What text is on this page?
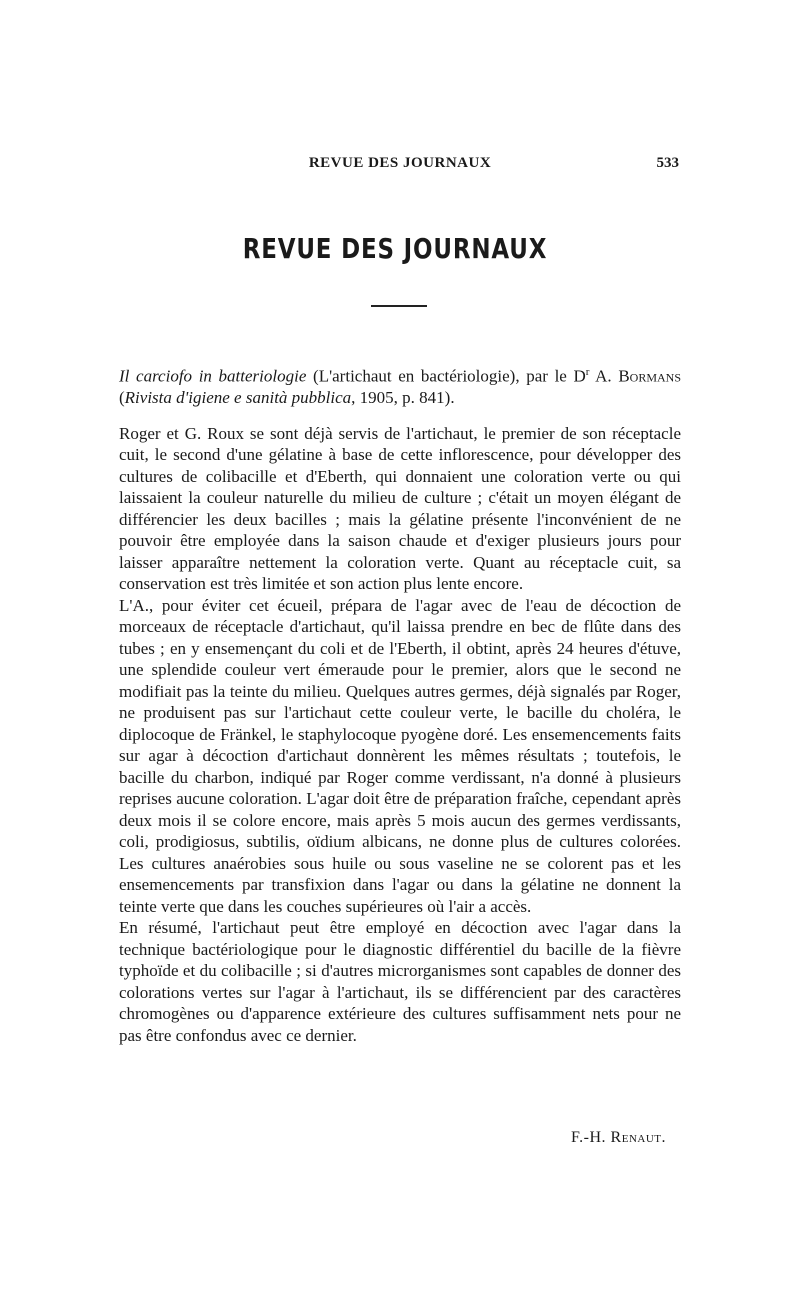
REVUE DES JOURNAUX	533
REVUE DES JOURNAUX

Il carciofo in batteriologie (L'artichaut en bactériologie), par le $D^r$ A. Bormans (Rivista d'igiene e sanità pubblica, 1905, p. 841).

Roger et G. Roux se sont déjà servis de l'artichaut, le premier de son réceptacle cuit, le second d'une gélatine à base de cette inflorescence, pour développer des cultures de colibacille et d'Eberth, qui donnaient une coloration verte ou qui laissaient la couleur naturelle du milieu de culture ; c'était un moyen élégant de différencier les deux bacilles ; mais la gélatine présente l'inconvénient de ne pouvoir être employée dans la saison chaude et d'exiger plusieurs jours pour laisser apparaître nettement la coloration verte. Quant au réceptacle cuit, sa conservation est très limitée et son action plus lente encore.

L'A., pour éviter cet écueil, prépara de l'agar avec de l'eau de décoction de morceaux de réceptacle d'artichaut, qu'il laissa prendre en bec de flûte dans des tubes ; en y ensemençant du coli et de l'Eberth, il obtint, après 24 heures d'étuve, une splendide couleur vert émeraude pour le premier, alors que le second ne modifiait pas la teinte du milieu. Quelques autres germes, déjà signalés par Roger, ne produisent pas sur l'artichaut cette couleur verte, le bacille du choléra, le diplocoque de Fränkel, le staphylocoque pyogène doré. Les ensemencements faits sur agar à décoction d'artichaut donnèrent les mêmes résultats ; toutefois, le bacille du charbon, indiqué par Roger comme verdissant, n'a donné à plusieurs reprises aucune coloration. L'agar doit être de préparation fraîche, cependant après deux mois il se colore encore, mais après 5 mois aucun des germes verdissants, coli, prodigiosus, subtilis, oïdium albicans, ne donne plus de cultures colorées. Les cultures anaérobies sous huile ou sous vaseline ne se colorent pas et les ensemencements par transfixion dans l'agar ou dans la gélatine ne donnent la teinte verte que dans les couches supérieures où l'air a accès.

En résumé, l'artichaut peut être employé en décoction avec l'agar dans la technique bactériologique pour le diagnostic différentiel du bacille de la fièvre typhoïde et du colibacille ; si d'autres microrganismes sont capables de donner des colorations vertes sur l'agar à l'artichaut, ils se différencient par des caractères chromogènes ou d'apparence extérieure des cultures suffisamment nets pour ne pas être confondus avec ce dernier.

F.-H. Renaut.
